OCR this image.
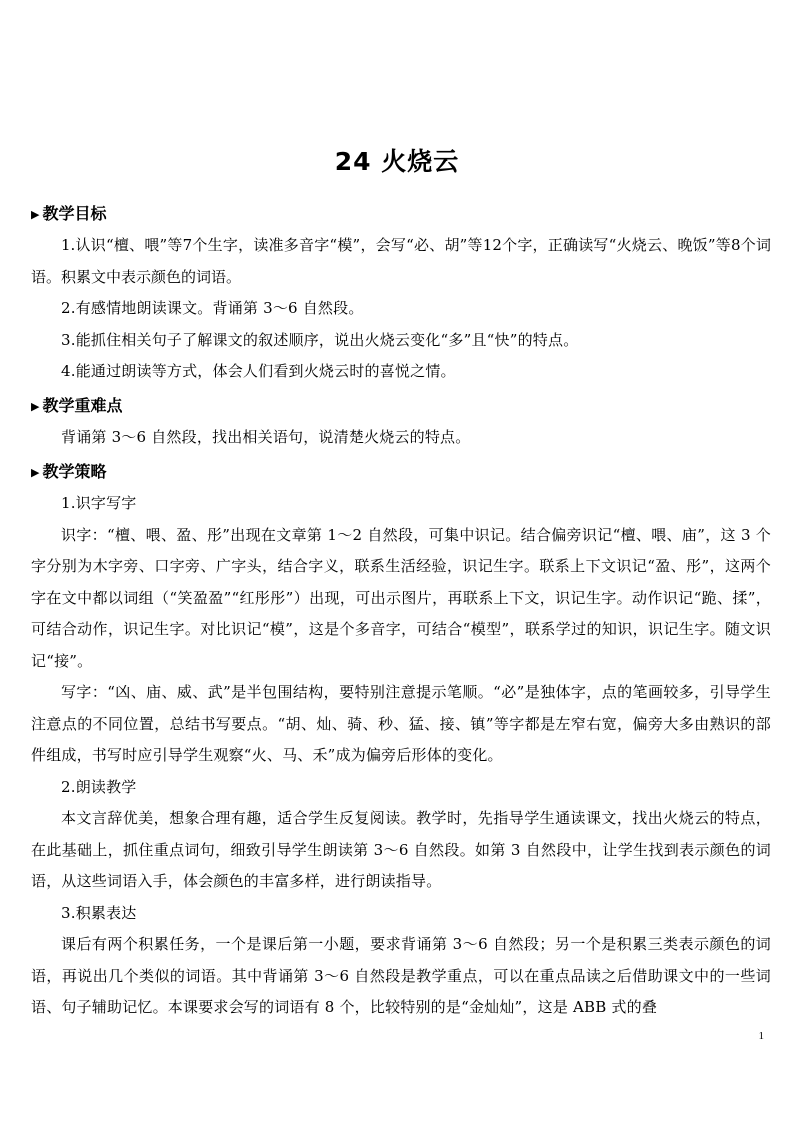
24 火烧云
▶ 教学目标

1.认识“檀、喂”等7个生字，读准多音字“模”，会写“必、胡”等12个字，正确读写“火烧云、晚饭”等8个词语。积累文中表示颜色的词语。

2.有感情地朗读课文。背诵第 3～6 自然段。

3.能抓住相关句子了解课文的叙述顺序，说出火烧云变化“多”且“快”的特点。

4.能通过朗读等方式，体会人们看到火烧云时的喜悦之情。

▶ 教学重难点

背诵第 3～6 自然段，找出相关语句，说清楚火烧云的特点。

▶ 教学策略

1.识字写字

识字：“檀、喂、盈、彤”出现在文章第 1～2 自然段，可集中识记。结合偏旁识记“檀、喂、庙”，这 3 个字分别为木字旁、口字旁、广字头，结合字义，联系生活经验，识记生字。联系上下文识记“盈、彤”，这两个字在文中都以词组（“笑盈盈”“红彤彤”）出现，可出示图片，再联系上下文，识记生字。动作识记“跪、揉”，可结合动作，识记生字。对比识记“模”，这是个多音字，可结合“模型”，联系学过的知识，识记生字。随文识记“接”。

写字：“凶、庙、威、武”是半包围结构，要特别注意提示笔顺。“必”是独体字，点的笔画较多，引导学生注意点的不同位置，总结书写要点。“胡、灿、骑、秒、猛、接、镇”等字都是左窄右宽，偏旁大多由熟识的部件组成，书写时应引导学生观察“火、马、禾”成为偏旁后形体的变化。

2.朗读教学

本文言辞优美，想象合理有趣，适合学生反复阅读。教学时，先指导学生通读课文，找出火烧云的特点，在此基础上，抓住重点词句，细致引导学生朗读第 3～6 自然段。如第 3 自然段中，让学生找到表示颜色的词语，从这些词语入手，体会颜色的丰富多样，进行朗读指导。

3.积累表达

课后有两个积累任务，一个是课后第一小题，要求背诵第 3～6 自然段；另一个是积累三类表示颜色的词语，再说出几个类似的词语。其中背诵第 3～6 自然段是教学重点，可以在重点品读之后借助课文中的一些词语、句子辅助记忆。本课要求会写的词语有 8 个，比较特别的是“金灿灿”，这是 ABB 式的叠

1
